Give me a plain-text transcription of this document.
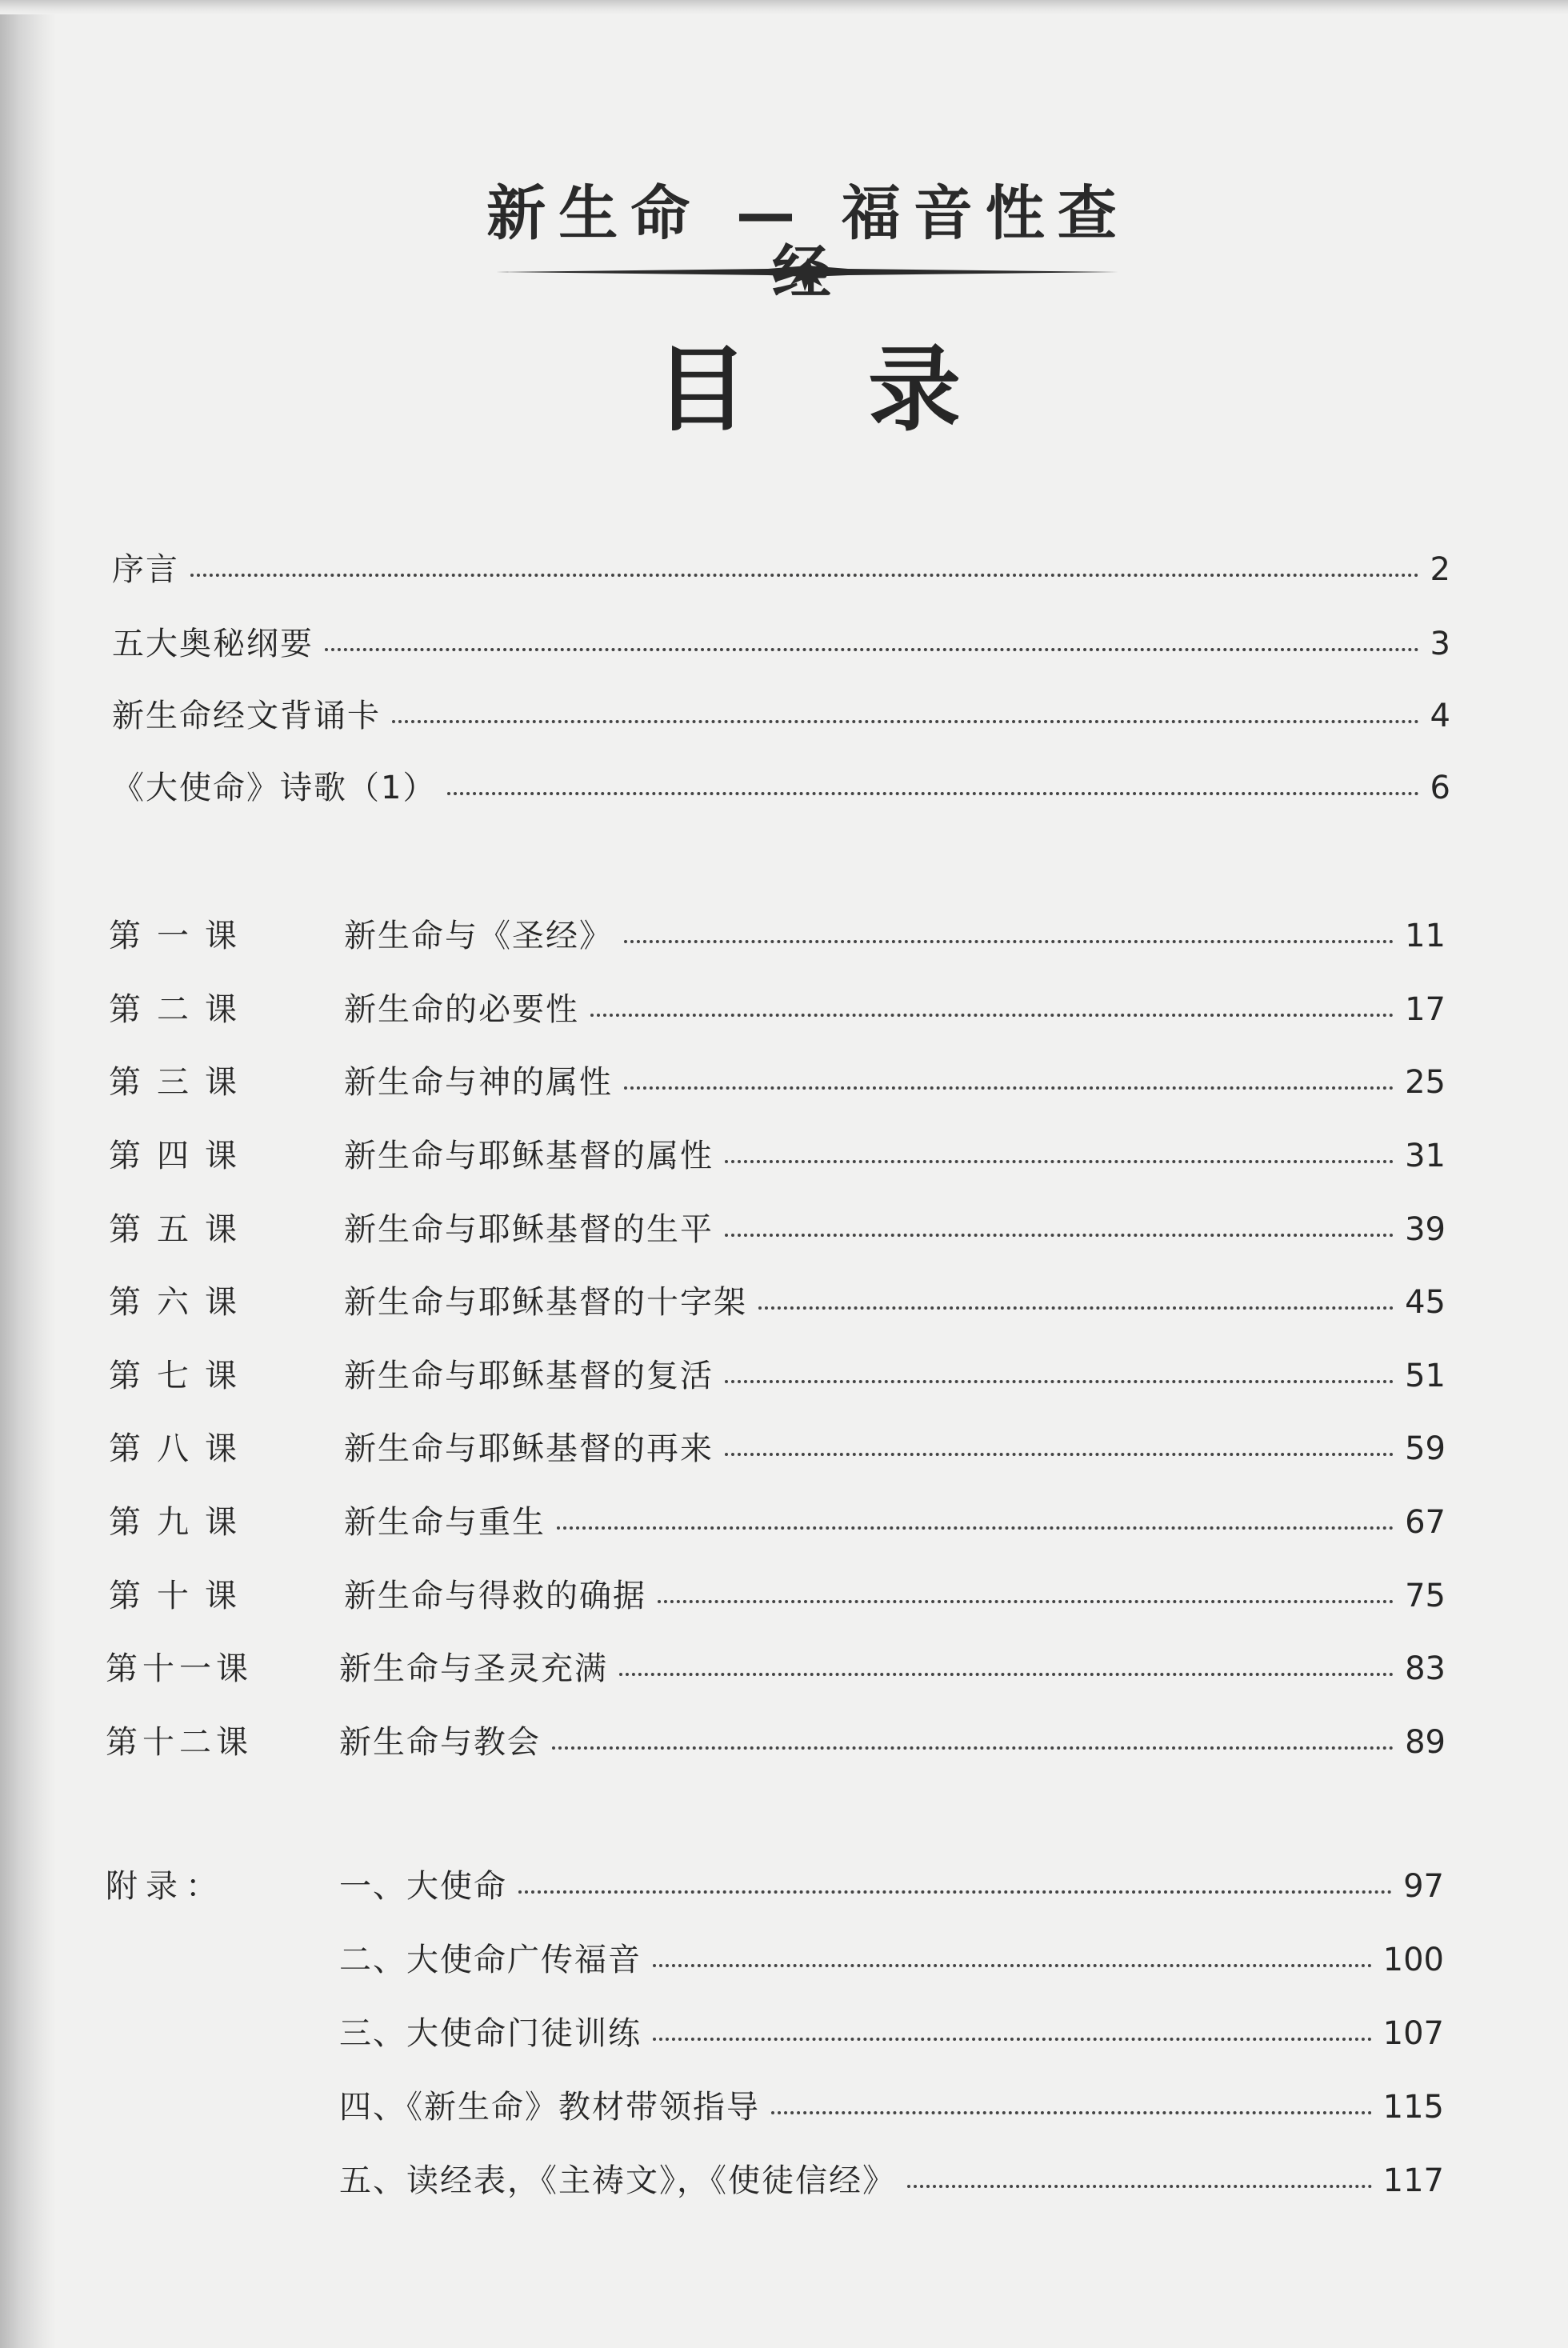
新生命 — 福音性查
目录
序言	2
五大奥秘纲要	3
新生命经文背诵卡	4
《大使命》诗歌（1）	6
第一课	新生命与《圣经》	11
第二课	新生命的必要性	17
第三课	新生命与神的属性	25
第四课	新生命与耶稣基督的属性	31
第五课	新生命与耶稣基督的生平	39
第六课	新生命与耶稣基督的十字架	45
第七课	新生命与耶稣基督的复活	51
第八课	新生命与耶稣基督的再来	59
第九课	新生命与重生	67
第十课	新生命与得救的确据	75
第十一课	新生命与圣灵充满	83
第十二课	新生命与教会	89
附录：	一、大使命	97
二、大使命广传福音	100
三、大使命门徒训练	107
四、《新生命》教材带领指导	115
五、读经表，《主祷文》，《使徒信经》	117
